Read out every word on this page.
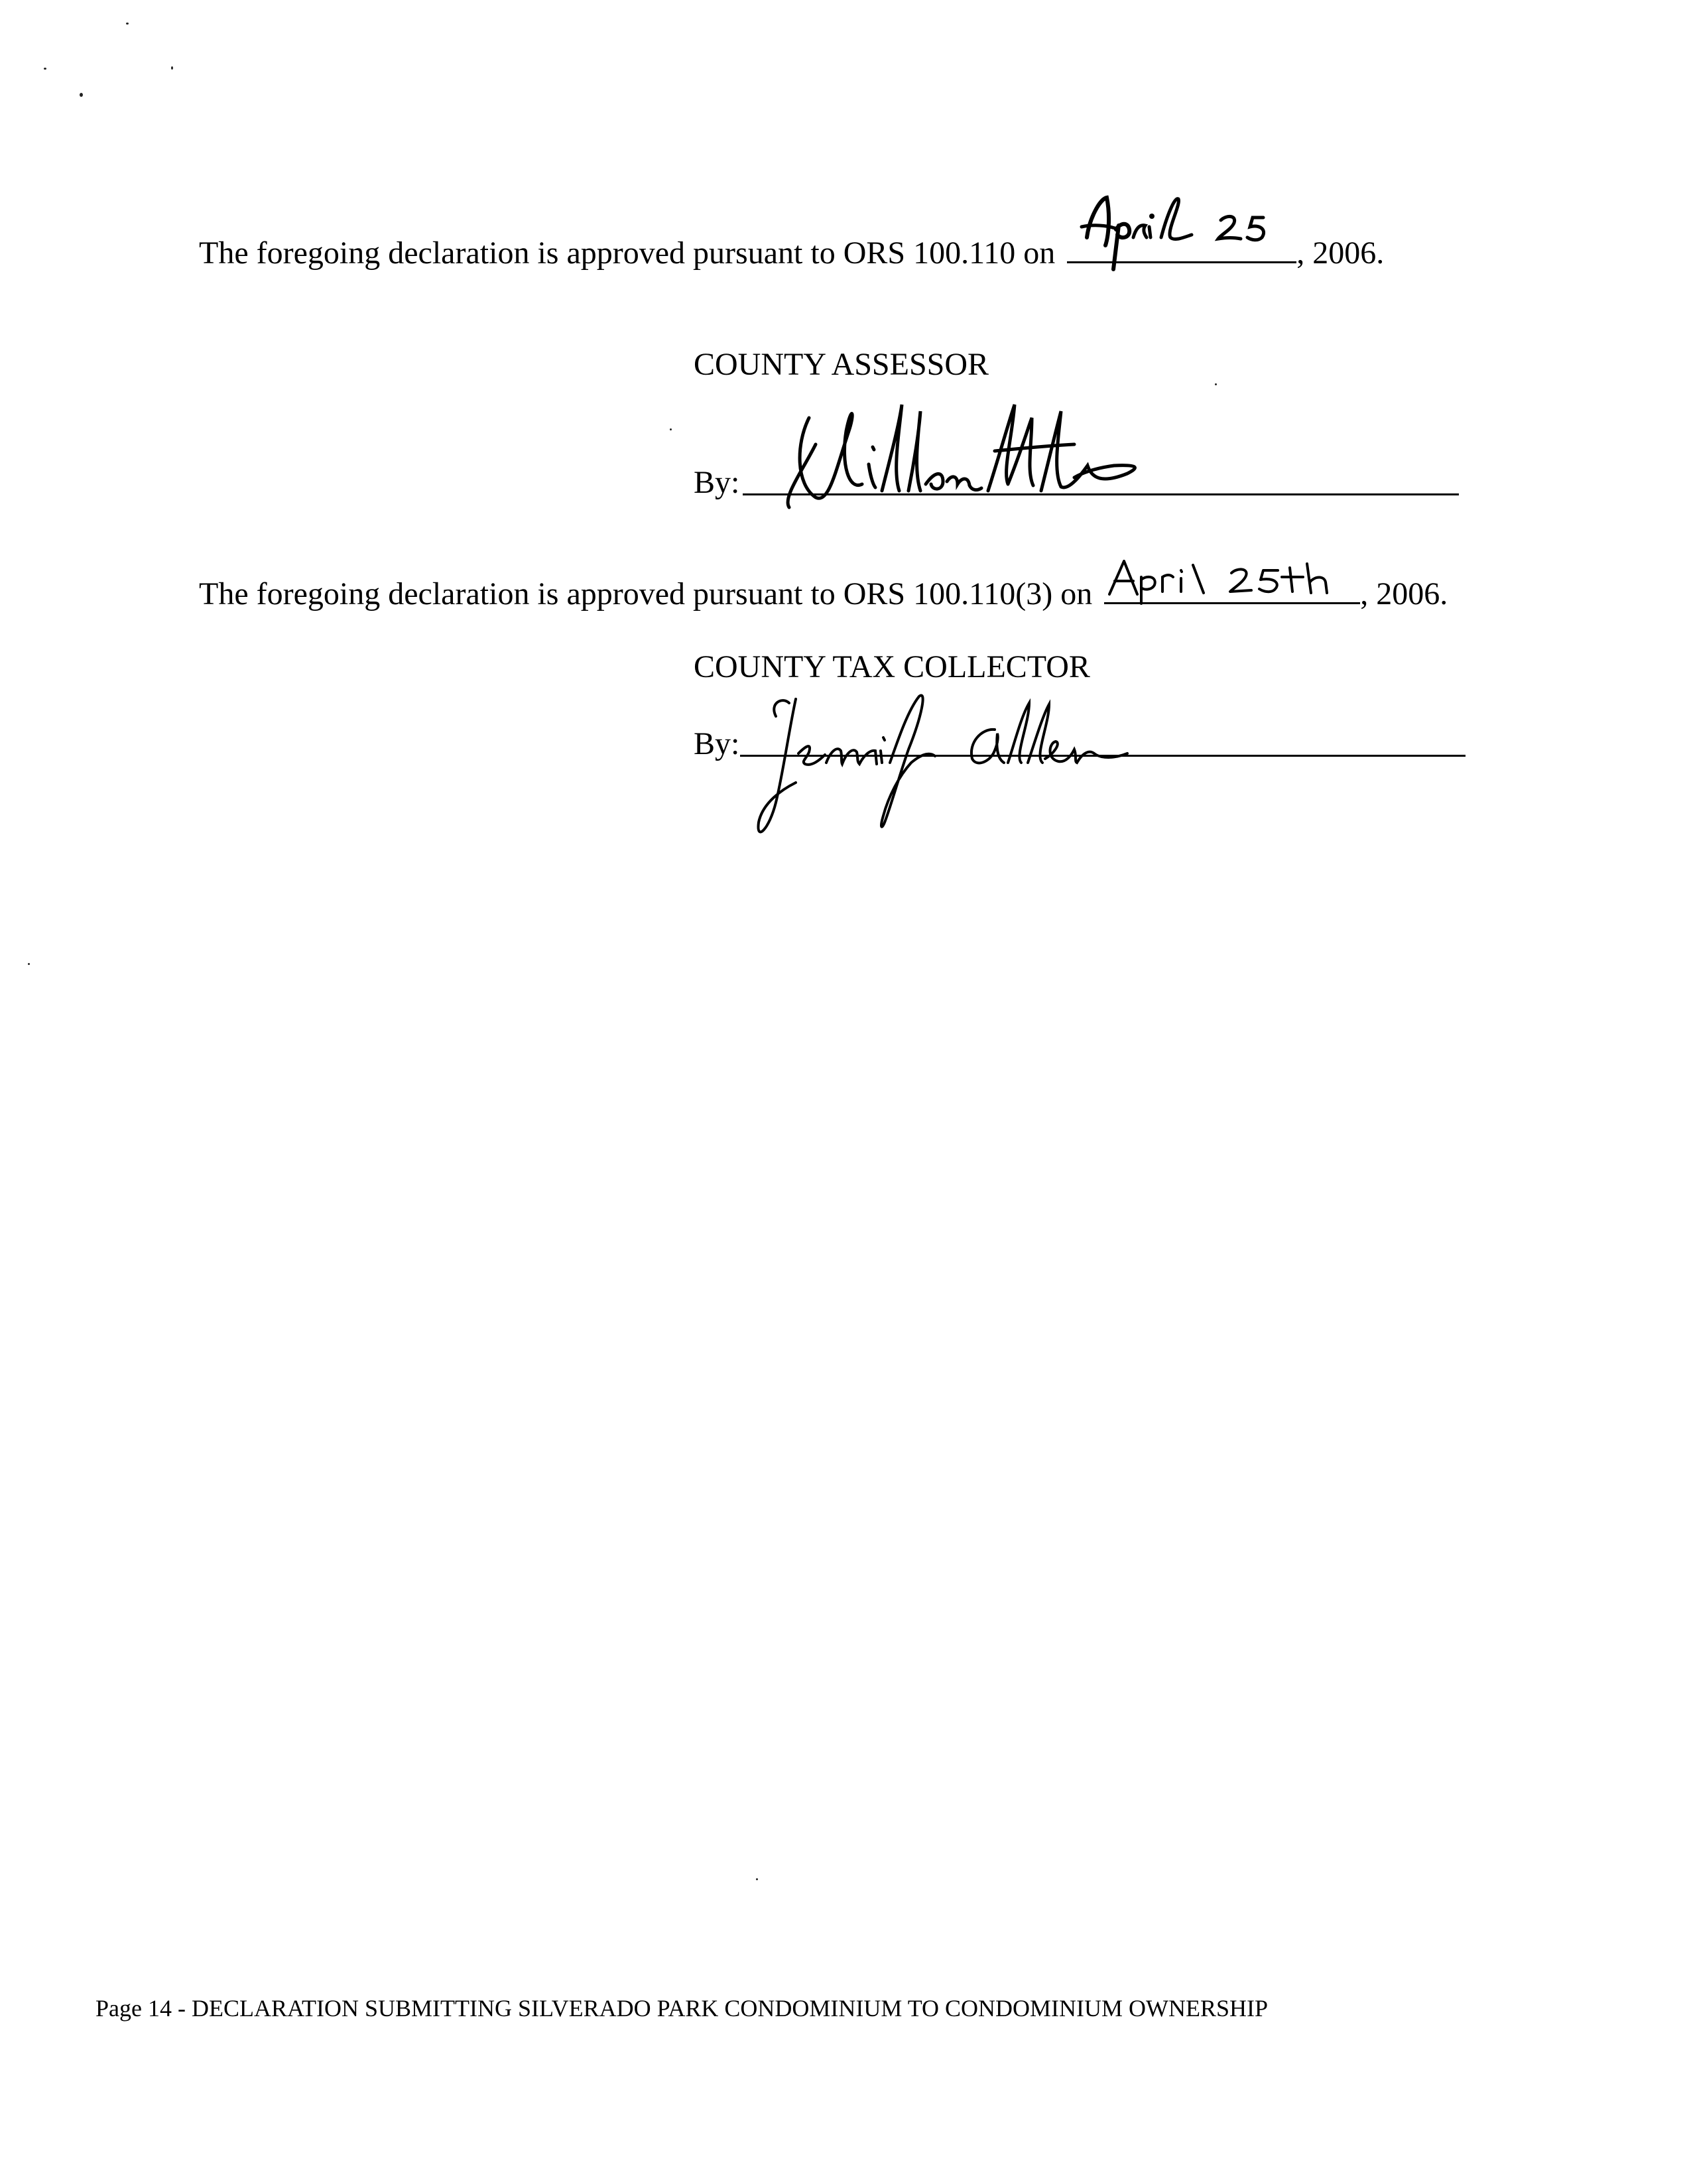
The foregoing declaration is approved pursuant to ORS 100.110 on	, 2006.
COUNTY ASSESSOR
By:
The foregoing declaration is approved pursuant to ORS 100.110(3) on	, 2006.
COUNTY TAX COLLECTOR
By:
Page 14 - DECLARATION SUBMITTING SILVERADO PARK CONDOMINIUM TO CONDOMINIUM OWNERSHIP
